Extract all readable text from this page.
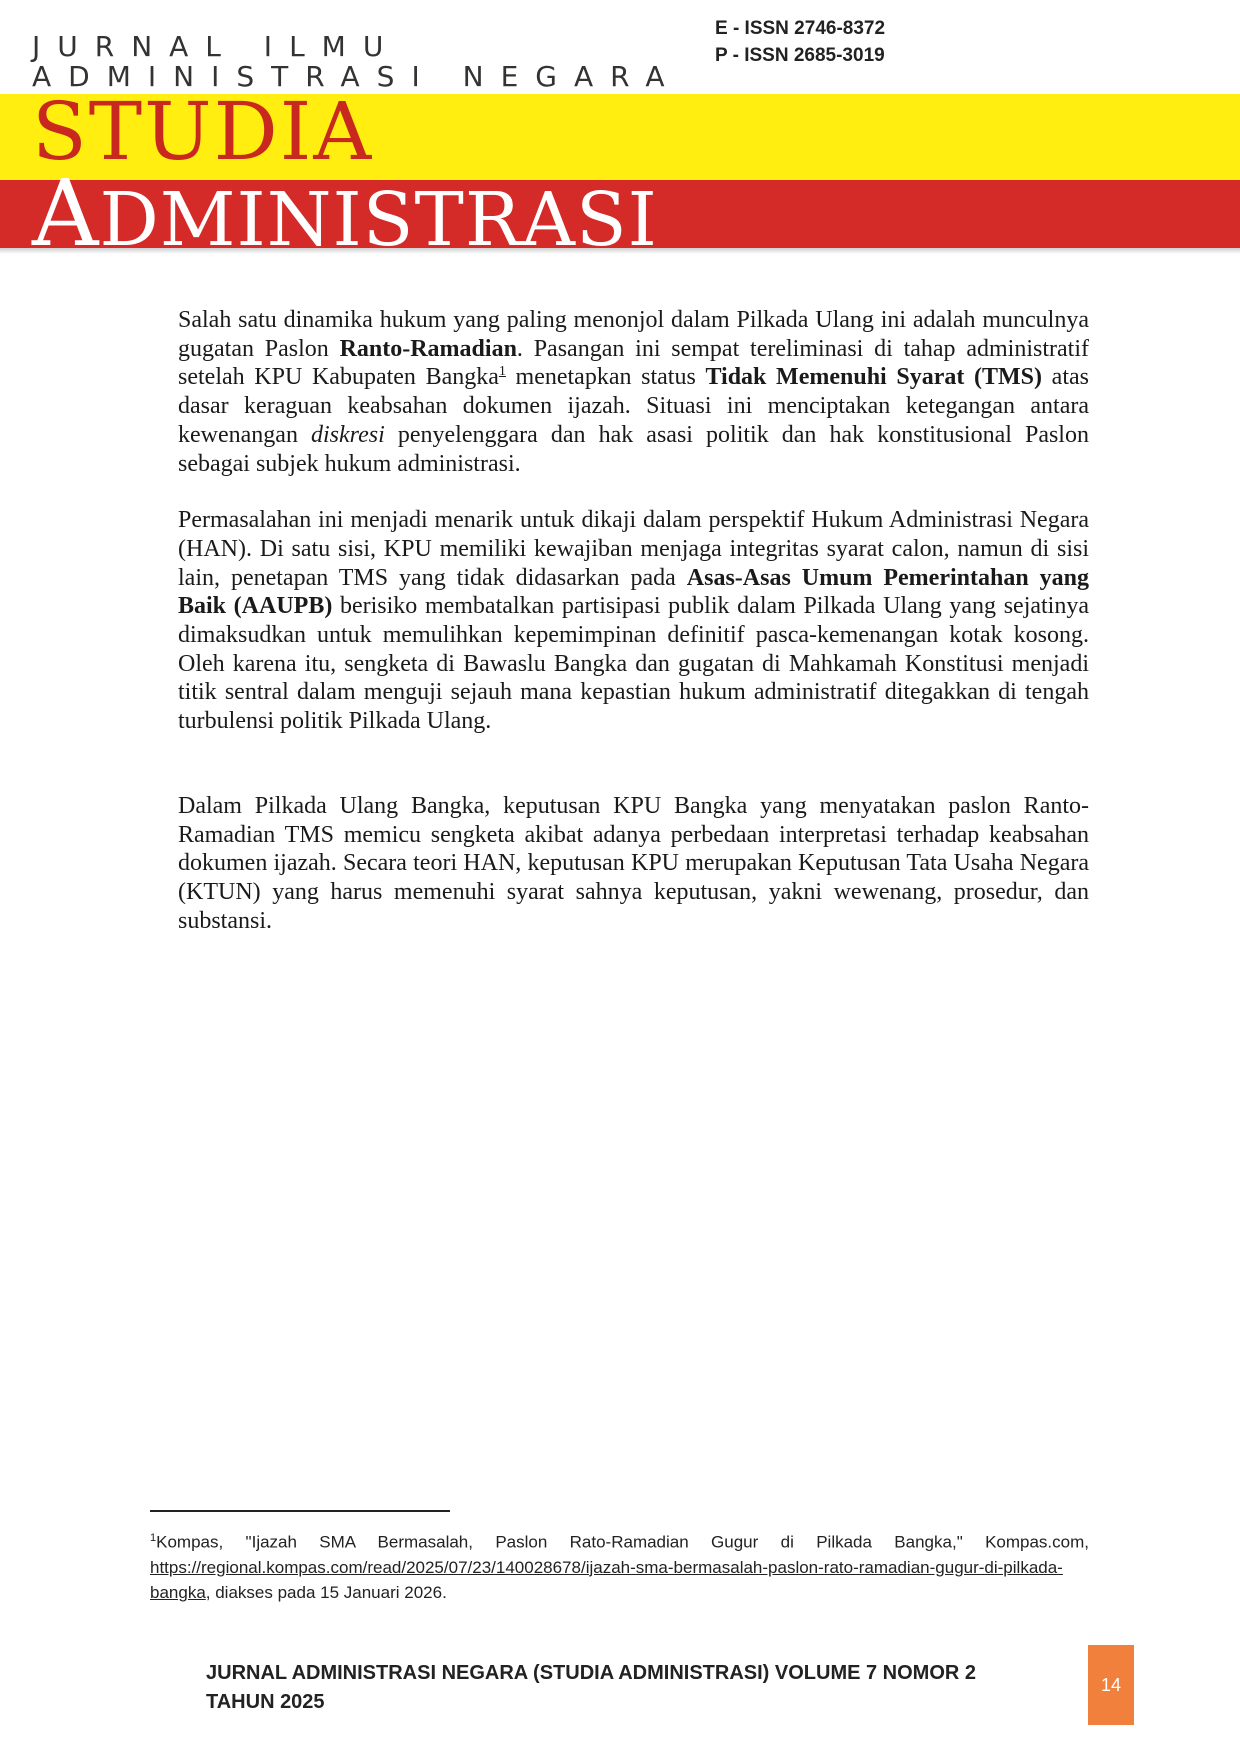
JURNAL ILMU
ADMINISTRASI NEGARA
E - ISSN 2746-8372
P - ISSN 2685-3019
STUDIA
ADMINISTRASI

Salah satu dinamika hukum yang paling menonjol dalam Pilkada Ulang ini adalah munculnya gugatan Paslon Ranto-Ramadian. Pasangan ini sempat tereliminasi di tahap administratif setelah KPU Kabupaten Bangka$^1$ menetapkan status Tidak Memenuhi Syarat (TMS) atas dasar keraguan keabsahan dokumen ijazah. Situasi ini menciptakan ketegangan antara kewenangan diskresi penyelenggara dan hak asasi politik dan hak konstitusional Paslon sebagai subjek hukum administrasi.

Permasalahan ini menjadi menarik untuk dikaji dalam perspektif Hukum Administrasi Negara (HAN). Di satu sisi, KPU memiliki kewajiban menjaga integritas syarat calon, namun di sisi lain, penetapan TMS yang tidak didasarkan pada Asas-Asas Umum Pemerintahan yang Baik (AAUPB) berisiko membatalkan partisipasi publik dalam Pilkada Ulang yang sejatinya dimaksudkan untuk memulihkan kepemimpinan definitif pasca-kemenangan kotak kosong. Oleh karena itu, sengketa di Bawaslu Bangka dan gugatan di Mahkamah Konstitusi menjadi titik sentral dalam menguji sejauh mana kepastian hukum administratif ditegakkan di tengah turbulensi politik Pilkada Ulang.

Dalam Pilkada Ulang Bangka, keputusan KPU Bangka yang menyatakan paslon Ranto-Ramadian TMS memicu sengketa akibat adanya perbedaan interpretasi terhadap keabsahan dokumen ijazah. Secara teori HAN, keputusan KPU merupakan Keputusan Tata Usaha Negara (KTUN) yang harus memenuhi syarat sahnya keputusan, yakni wewenang, prosedur, dan substansi.

$^1$Kompas, "Ijazah SMA Bermasalah, Paslon Rato-Ramadian Gugur di Pilkada Bangka," Kompas.com, https://regional.kompas.com/read/2025/07/23/140028678/ijazah-sma-bermasalah-paslon-rato-ramadian-gugur-di-pilkada-bangka, diakses pada 15 Januari 2026.
JURNAL ADMINISTRASI NEGARA (STUDIA ADMINISTRASI) VOLUME 7 NOMOR 2 TAHUN 2025
14
